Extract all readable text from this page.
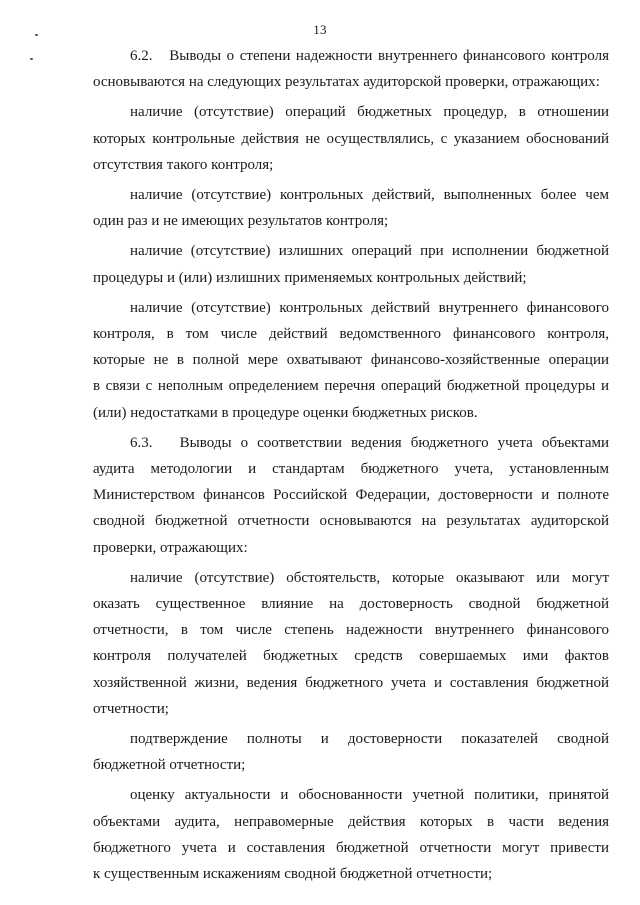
13
6.2.   Выводы о степени надежности внутреннего финансового контроля
основываются на следующих результатах аудиторской проверки, отражающих:
наличие (отсутствие) операций бюджетных процедур, в отношении
которых контрольные действия не осуществлялись, с указанием обоснований
отсутствия такого контроля;
наличие (отсутствие) контрольных действий, выполненных более чем
один раз и не имеющих результатов контроля;
наличие (отсутствие) излишних операций при исполнении бюджетной
процедуры и (или) излишних применяемых контрольных действий;
наличие (отсутствие) контрольных действий внутреннего финансового
контроля, в том числе действий ведомственного финансового контроля,
которые не в полной мере охватывают финансово-хозяйственные операции
в связи с неполным определением перечня операций бюджетной процедуры и
(или) недостатками в процедуре оценки бюджетных рисков.
6.3.   Выводы о соответствии ведения бюджетного учета объектами
аудита методологии и стандартам бюджетного учета, установленным
Министерством финансов Российской Федерации, достоверности и полноте
сводной бюджетной отчетности основываются на результатах аудиторской
проверки, отражающих:
наличие (отсутствие) обстоятельств, которые оказывают или могут
оказать существенное влияние на достоверность сводной бюджетной
отчетности, в том числе степень надежности внутреннего финансового
контроля получателей бюджетных средств совершаемых ими фактов
хозяйственной жизни, ведения бюджетного учета и составления бюджетной
отчетности;
подтверждение полноты и достоверности показателей сводной
бюджетной отчетности;
оценку актуальности и обоснованности учетной политики, принятой
объектами аудита, неправомерные действия которых в части ведения
бюджетного учета и составления бюджетной отчетности могут привести
к существенным искажениям сводной бюджетной отчетности;
